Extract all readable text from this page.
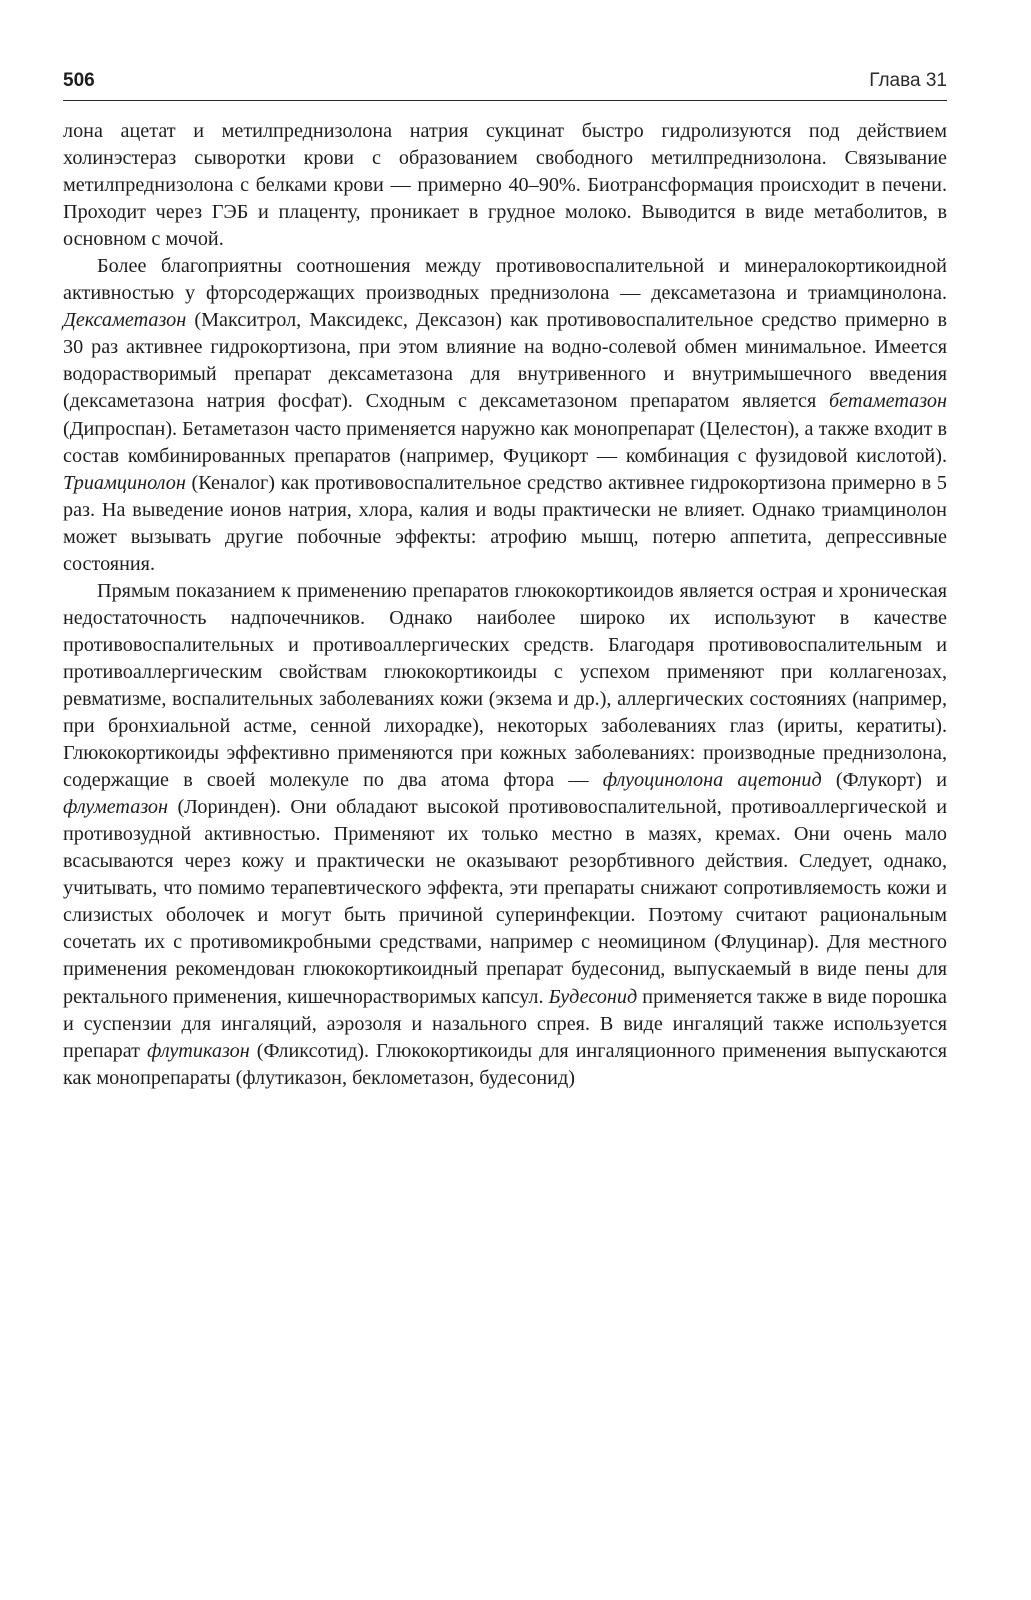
506	Глава 31

лона ацетат и метилпреднизолона натрия сукцинат быстро гидролизуются под действием холинэстераз сыворотки крови с образованием свободного метилпреднизолона. Связывание метилпреднизолона с белками крови — примерно 40–90%. Биотрансформация происходит в печени. Проходит через ГЭБ и плаценту, проникает в грудное молоко. Выводится в виде метаболитов, в основном с мочой.

Более благоприятны соотношения между противовоспалительной и минералокортикоидной активностью у фторсодержащих производных преднизолона — дексаметазона и триамцинолона. Дексаметазон (Макситрол, Максидекс, Дексазон) как противовоспалительное средство примерно в 30 раз активнее гидрокортизона, при этом влияние на водно-солевой обмен минимальное. Имеется водорастворимый препарат дексаметазона для внутривенного и внутримышечного введения (дексаметазона натрия фосфат). Сходным с дексаметазоном препаратом является бетаметазон (Дипроспан). Бетаметазон часто применяется наружно как монопрепарат (Целестон), а также входит в состав комбинированных препаратов (например, Фуцикорт — комбинация с фузидовой кислотой). Триамцинолон (Кеналог) как противовоспалительное средство активнее гидрокортизона примерно в 5 раз. На выведение ионов натрия, хлора, калия и воды практически не влияет. Однако триамцинолон может вызывать другие побочные эффекты: атрофию мышц, потерю аппетита, депрессивные состояния.

Прямым показанием к применению препаратов глюкокортикоидов является острая и хроническая недостаточность надпочечников. Однако наиболее широко их используют в качестве противовоспалительных и противоаллергических средств. Благодаря противовоспалительным и противоаллергическим свойствам глюкокортикоиды с успехом применяют при коллагенозах, ревматизме, воспалительных заболеваниях кожи (экзема и др.), аллергических состояниях (например, при бронхиальной астме, сенной лихорадке), некоторых заболеваниях глаз (ириты, кератиты). Глюкокортикоиды эффективно применяются при кожных заболеваниях: производные преднизолона, содержащие в своей молекуле по два атома фтора — флуоцинолона ацетонид (Флукорт) и флуметазон (Лоринден). Они обладают высокой противовоспалительной, противоаллергической и противозудной активностью. Применяют их только местно в мазях, кремах. Они очень мало всасываются через кожу и практически не оказывают резорбтивного действия. Следует, однако, учитывать, что помимо терапевтического эффекта, эти препараты снижают сопротивляемость кожи и слизистых оболочек и могут быть причиной суперинфекции. Поэтому считают рациональным сочетать их с противомикробными средствами, например с неомицином (Флуцинар). Для местного применения рекомендован глюкокортикоидный препарат будесонид, выпускаемый в виде пены для ректального применения, кишечнорастворимых капсул. Будесонид применяется также в виде порошка и суспензии для ингаляций, аэрозоля и назального спрея. В виде ингаляций также используется препарат флутиказон (Фликсотид). Глюкокортикоиды для ингаляционного применения выпускаются как монопрепараты (флутиказон, беклометазон, будесонид)
